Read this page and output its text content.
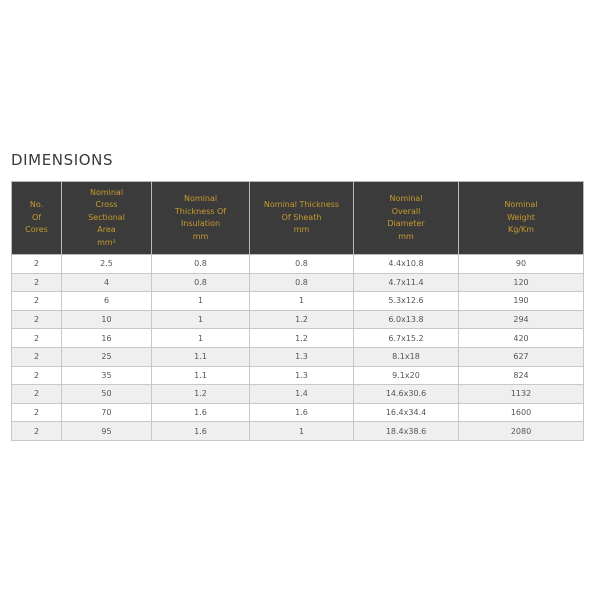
DIMENSIONS
No.
Of
Cores	Nominal
Cross
Sectional
Area
mm²	Nominal
Thickness Of
Insulation
mm	Nominal Thickness
Of Sheath
mm	Nominal
Overall
Diameter
mm	Nominal
Weight
Kg/Km
2	2.5	0.8	0.8	4.4x10.8	90
2	4	0.8	0.8	4.7x11.4	120
2	6	1	1	5.3x12.6	190
2	10	1	1.2	6.0x13.8	294
2	16	1	1.2	6.7x15.2	420
2	25	1.1	1.3	8.1x18	627
2	35	1.1	1.3	9.1x20	824
2	50	1.2	1.4	14.6x30.6	1132
2	70	1.6	1.6	16.4x34.4	1600
2	95	1.6	1	18.4x38.6	2080
